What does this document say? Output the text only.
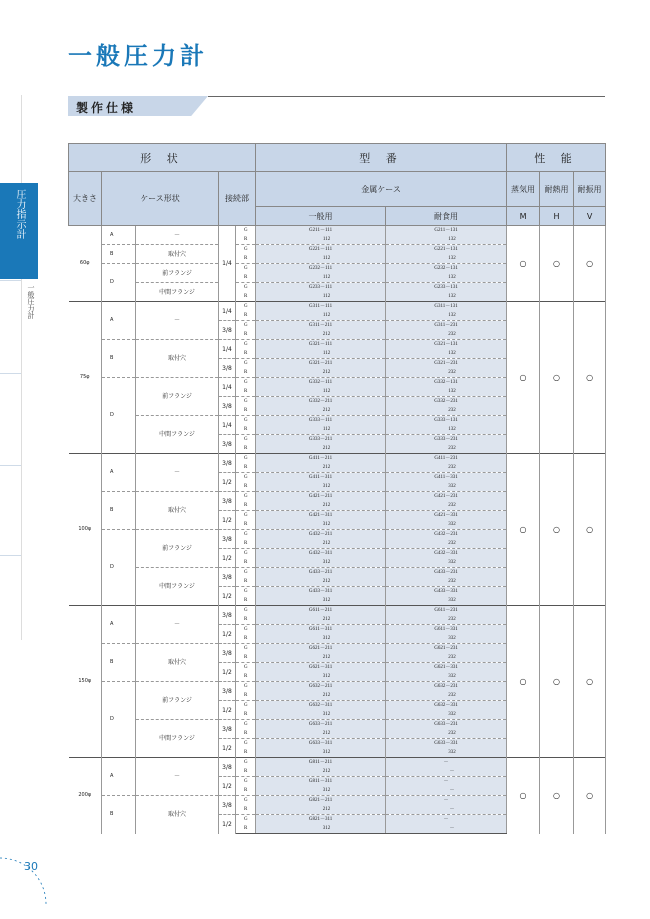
一般圧力計
製作仕様
圧力指示計
一般圧力計
形 状					型 番		性 能		
大きさ	ケース形状		接続部		金属ケース		蒸気用	耐熱用	耐振用
					一般用	耐食用	M	H	V
60φ	A	－	1/4	G	G211－111	G211－131	○	○	○
				R	112	132			
	B	取付穴		G	G221－111	G221－131			
				R	112	132			
	D	前フランジ		G	G232－111	G232－131			
				R	112	132			
		中間フランジ		G	G233－111	G233－131			
				R	112	132			
75φ	A	－	1/4	G	G311－111	G311－131	○	○	○
				R	112	132			
			3/8	G	G311－211	G311－231			
				R	212	232			
	B	取付穴	1/4	G	G321－111	G321－131			
				R	112	132			
			3/8	G	G321－211	G321－231			
				R	212	232			
	D	前フランジ	1/4	G	G332－111	G332－131			
				R	112	132			
			3/8	G	G332－211	G332－231			
				R	212	232			
		中間フランジ	1/4	G	G333－111	G333－131			
				R	112	132			
			3/8	G	G333－211	G333－231			
				R	212	232			
100φ	A	－	3/8	G	G411－211	G411－231	○	○	○
				R	212	232			
			1/2	G	G411－311	G411－331			
				R	312	332			
	B	取付穴	3/8	G	G421－211	G421－231			
				R	212	232			
			1/2	G	G421－311	G421－331			
				R	312	332			
	D	前フランジ	3/8	G	G432－211	G432－231			
				R	212	232			
			1/2	G	G432－311	G432－331			
				R	312	332			
		中間フランジ	3/8	G	G433－211	G433－231			
				R	212	232			
			1/2	G	G433－311	G433－331			
				R	312	332			
150φ	A	－	3/8	G	G611－211	G611－231	○	○	○
				R	212	232			
			1/2	G	G611－311	G611－331			
				R	312	332			
	B	取付穴	3/8	G	G621－211	G621－231			
				R	212	232			
			1/2	G	G621－311	G621－331			
				R	312	332			
	D	前フランジ	3/8	G	G632－211	G632－231			
				R	212	232			
			1/2	G	G632－311	G632－331			
				R	312	332			
		中間フランジ	3/8	G	G633－211	G633－231			
				R	212	232			
			1/2	G	G633－311	G633－331			
				R	312	332			
200φ	A	－	3/8	G	G811－211	－	○	○	○
				R	212	－			
			1/2	G	G811－311	－			
				R	312	－			
	B	取付穴	3/8	G	G821－211	－			
				R	212	－			
			1/2	G	G821－311	－			
				R	312	－			
30
